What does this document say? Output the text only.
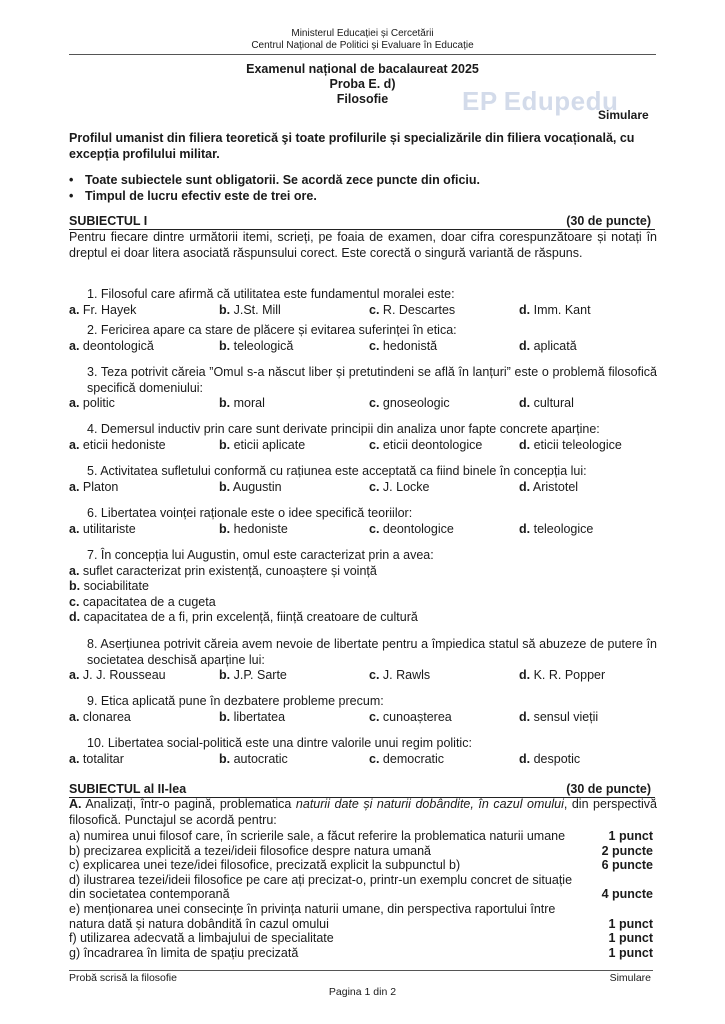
Ministerul Educației și Cercetării
Centrul Național de Politici și Evaluare în Educație
Examenul național de bacalaureat 2025
Proba E. d)
Filosofie	EP Edupedu
Simulare
Profilul umanist din filiera teoretică şi toate profilurile și specializările din filiera vocațională, cu excepția profilului militar.
• Toate subiectele sunt obligatorii. Se acordă zece puncte din oficiu.
• Timpul de lucru efectiv este de trei ore.
SUBIECTUL I	(30 de puncte)
Pentru fiecare dintre următorii itemi, scrieți, pe foaia de examen, doar cifra corespunzătoare și notați în dreptul ei doar litera asociată răspunsului corect. Este corectă o singură variantă de răspuns.
1. Filosoful care afirmă că utilitatea este fundamentul moralei este:
a. Fr. Hayek	b. J.St. Mill	c. R. Descartes	d. Imm. Kant
2. Fericirea apare ca stare de plăcere și evitarea suferinței în etica:
a. deontologică	b. teleologică	c. hedonistă	d. aplicată
3. Teza potrivit căreia ”Omul s-a născut liber și pretutindeni se află în lanțuri” este o problemă filosofică specifică domeniului:
a. politic	b. moral	c. gnoseologic	d. cultural
4. Demersul inductiv prin care sunt derivate principii din analiza unor fapte concrete aparține:
a. eticii hedoniste	b. eticii aplicate	c. eticii deontologice	d. eticii teleologice
5. Activitatea sufletului conformă cu rațiunea este acceptată ca fiind binele în concepția lui:
a. Platon	b. Augustin	c. J. Locke	d. Aristotel
6. Libertatea voinței raționale este o idee specifică teoriilor:
a. utilitariste	b. hedoniste	c. deontologice	d. teleologice
7. În concepția lui Augustin, omul este caracterizat prin a avea:
a. suflet caracterizat prin existență, cunoaștere și voință
b. sociabilitate
c. capacitatea de a cugeta
d. capacitatea de a fi, prin excelență, ființă creatoare de cultură
8. Aserțiunea potrivit căreia avem nevoie de libertate pentru a împiedica statul să abuzeze de putere în societatea deschisă aparține lui:
a. J. J. Rousseau	b. J.P. Sarte	c. J. Rawls	d. K. R. Popper
9. Etica aplicată pune în dezbatere probleme precum:
a. clonarea	b. libertatea	c. cunoașterea	d. sensul vieții
10. Libertatea social-politică este una dintre valorile unui regim politic:
a. totalitar	b. autocratic	c. democratic	d. despotic
SUBIECTUL al II-lea	(30 de puncte)
A. Analizați, într-o pagină, problematica naturii date și naturii dobândite, în cazul omului, din perspectivă filosofică. Punctajul se acordă pentru:
a) numirea unui filosof care, în scrierile sale, a făcut referire la problematica naturii umane	1 punct
b) precizarea explicită a tezei/ideii filosofice despre natura umană	2 puncte
c) explicarea unei teze/idei filosofice, precizată explicit la subpunctul b)	6 puncte
d) ilustrarea tezei/ideii filosofice pe care ați precizat-o, printr-un exemplu concret de situație din societatea contemporană	4 puncte
e) menționarea unei consecințe în privința naturii umane, din perspectiva raportului între natura dată și natura dobândită în cazul omului	1 punct
f) utilizarea adecvată a limbajului de specialitate	1 punct
g) încadrarea în limita de spațiu precizată	1 punct
Probă scrisă la filosofie	Simulare
Pagina 1 din 2
